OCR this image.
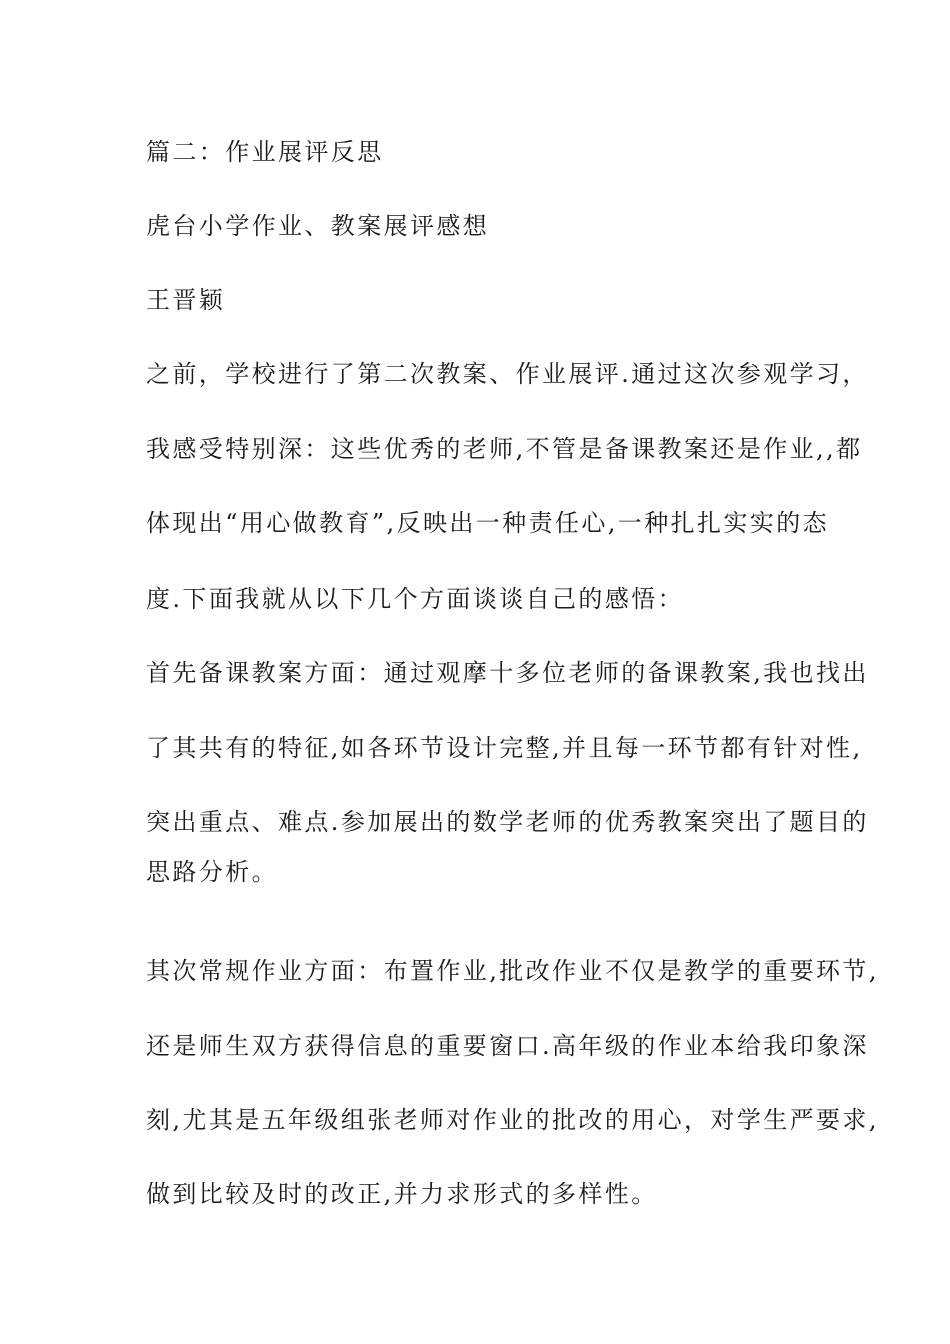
篇二：作业展评反思
虎台小学作业、教案展评感想
王晋颖
之前，学校进行了第二次教案、作业展评.通过这次参观学习，
我感受特别深：这些优秀的老师,不管是备课教案还是作业,,都
体现出“用心做教育”,反映出一种责任心,一种扎扎实实的态
度.下面我就从以下几个方面谈谈自己的感悟：
首先备课教案方面：通过观摩十多位老师的备课教案,我也找出
了其共有的特征,如各环节设计完整,并且每一环节都有针对性,
突出重点、难点.参加展出的数学老师的优秀教案突出了题目的
思路分析。
其次常规作业方面：布置作业,批改作业不仅是教学的重要环节,
还是师生双方获得信息的重要窗口.高年级的作业本给我印象深
刻,尤其是五年级组张老师对作业的批改的用心，对学生严要求,
做到比较及时的改正,并力求形式的多样性。
